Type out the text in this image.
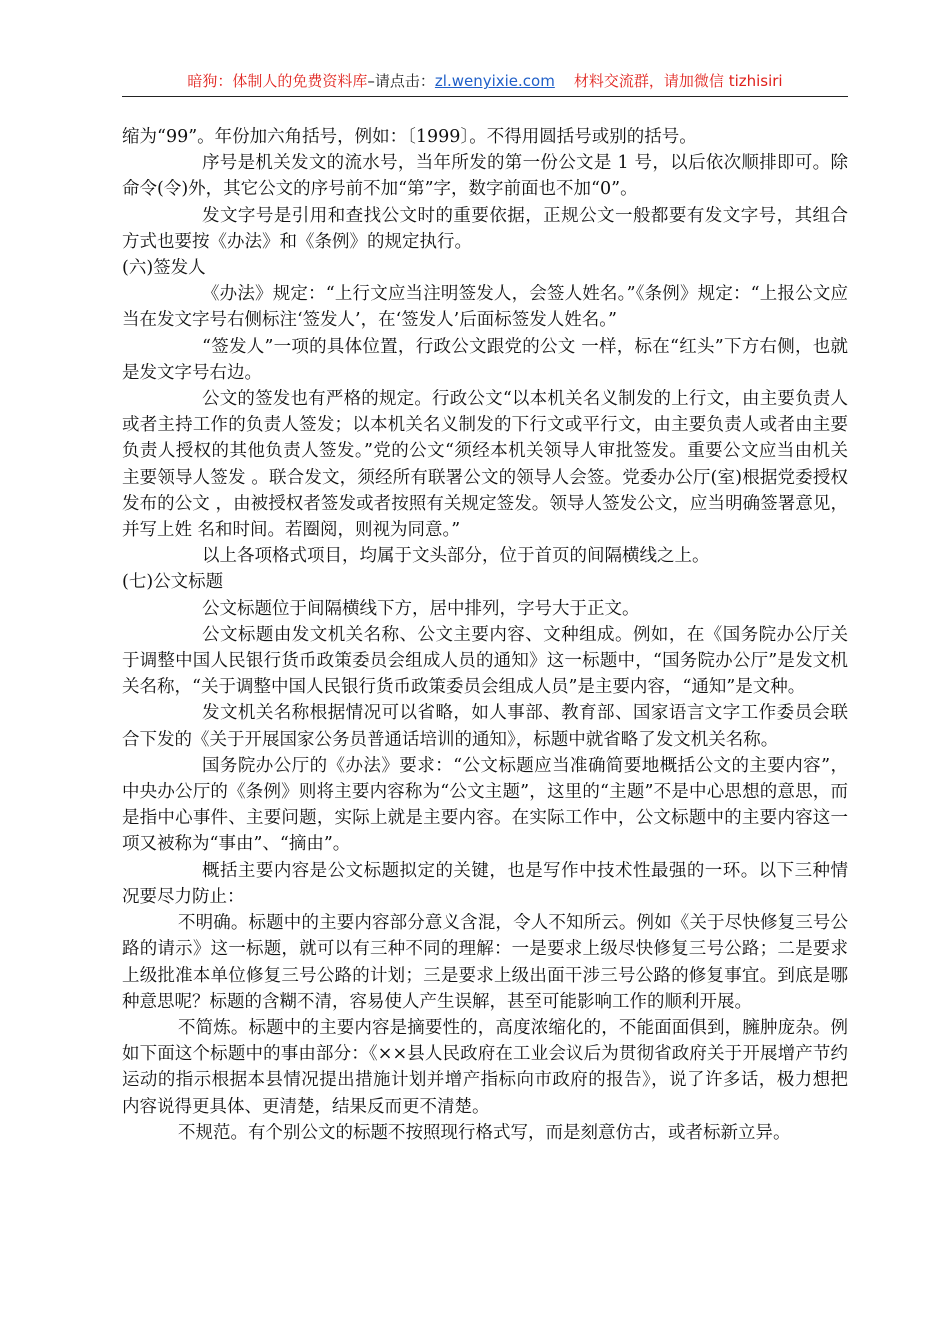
暗狗：体制人的免费资料库–请点击：zl.wenyixie.com 材料交流群，请加微信 tizhisiri

缩为“99”。年份加六角括号，例如：〔1999〕。不得用圆括号或别的括号。

序号是机关发文的流水号，当年所发的第一份公文是 1 号，以后依次顺排即可。除命令(令)外，其它公文的序号前不加“第”字，数字前面也不加“0”。

发文字号是引用和查找公文时的重要依据，正规公文一般都要有发文字号，其组合方式也要按《办法》和《条例》的规定执行。

(六)签发人

《办法》规定：“上行文应当注明签发人，会签人姓名。”《条例》规定：“上报公文应当在发文字号右侧标注‘签发人’，在‘签发人’后面标签发人姓名。”

“签发人”一项的具体位置，行政公文跟党的公文 一样，标在“红头”下方右侧，也就是发文字号右边。

公文的签发也有严格的规定。行政公文“以本机关名义制发的上行文，由主要负责人或者主持工作的负责人签发；以本机关名义制发的下行文或平行文，由主要负责人或者由主要负责人授权的其他负责人签发。”党的公文“须经本机关领导人审批签发。重要公文应当由机关主要领导人签发 。联合发文，须经所有联署公文的领导人会签。党委办公厅(室)根据党委授权发布的公文 ，由被授权者签发或者按照有关规定签发。领导人签发公文，应当明确签署意见，并写上姓 名和时间。若圈阅，则视为同意。”

以上各项格式项目，均属于文头部分，位于首页的间隔横线之上。

(七)公文标题

公文标题位于间隔横线下方，居中排列，字号大于正文。

公文标题由发文机关名称、公文主要内容、文种组成。例如，在《国务院办公厅关于调整中国人民银行货币政策委员会组成人员的通知》这一标题中，“国务院办公厅”是发文机关名称，“关于调整中国人民银行货币政策委员会组成人员”是主要内容，“通知”是文种。

发文机关名称根据情况可以省略，如人事部、教育部、国家语言文字工作委员会联合下发的《关于开展国家公务员普通话培训的通知》，标题中就省略了发文机关名称。

国务院办公厅的《办法》要求：“公文标题应当准确简要地概括公文的主要内容”，中央办公厅的《条例》则将主要内容称为“公文主题”，这里的“主题”不是中心思想的意思，而是指中心事件、主要问题，实际上就是主要内容。在实际工作中，公文标题中的主要内容这一项又被称为“事由”、“摘由”。

概括主要内容是公文标题拟定的关键，也是写作中技术性最强的一环。以下三种情况要尽力防止：

不明确。标题中的主要内容部分意义含混，令人不知所云。例如《关于尽快修复三号公路的请示》这一标题，就可以有三种不同的理解：一是要求上级尽快修复三号公路；二是要求上级批准本单位修复三号公路的计划；三是要求上级出面干涉三号公路的修复事宜。到底是哪种意思呢？标题的含糊不清，容易使人产生误解，甚至可能影响工作的顺利开展。

不简炼。标题中的主要内容是摘要性的，高度浓缩化的，不能面面俱到，臃肿庞杂。例如下面这个标题中的事由部分：《××县人民政府在工业会议后为贯彻省政府关于开展增产节约运动的指示根据本县情况提出措施计划并增产指标向市政府的报告》，说了许多话，极力想把内容说得更具体、更清楚，结果反而更不清楚。

不规范。有个别公文的标题不按照现行格式写，而是刻意仿古，或者标新立异。
